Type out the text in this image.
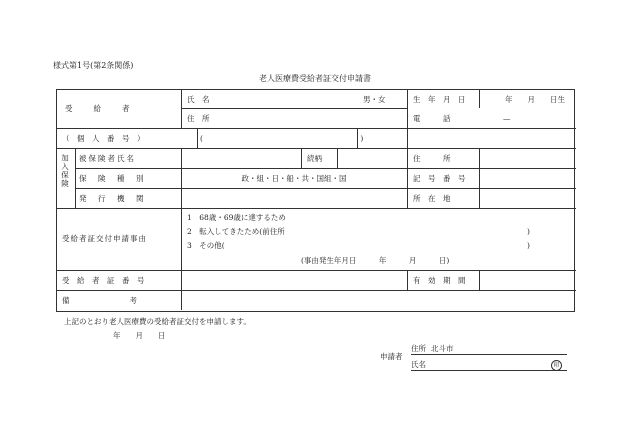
様式第1号(第2条関係)
老人医療費受給者証交付申請書
受　　給　　者
氏　名	男・女	生　年　月　日	年　　月　　日生
住　所	電　　　話	—
（　個　人　番　号　）	(　　　　　　　　　　　　　　　　　　　　　)
加入保険 被保険者氏名	続柄	住　　　所
保　険　種　別	政・組・日・船・共・国組・国	記　号　番　号
発　行　機　関	所　在　地
受給者証交付申請事由
1　68歳・69歳に達するため
2　転入してきたため(前住所	)
3　その他(	)
(事由発生年月日　　　年　　　月　　　日)
受　給　者　証　番　号	有　効　期　間
備　　　　　　　　考
上記のとおり老人医療費の受給者証交付を申請します。
年　　月　　日
申請者
住所 北斗市
氏名	印
